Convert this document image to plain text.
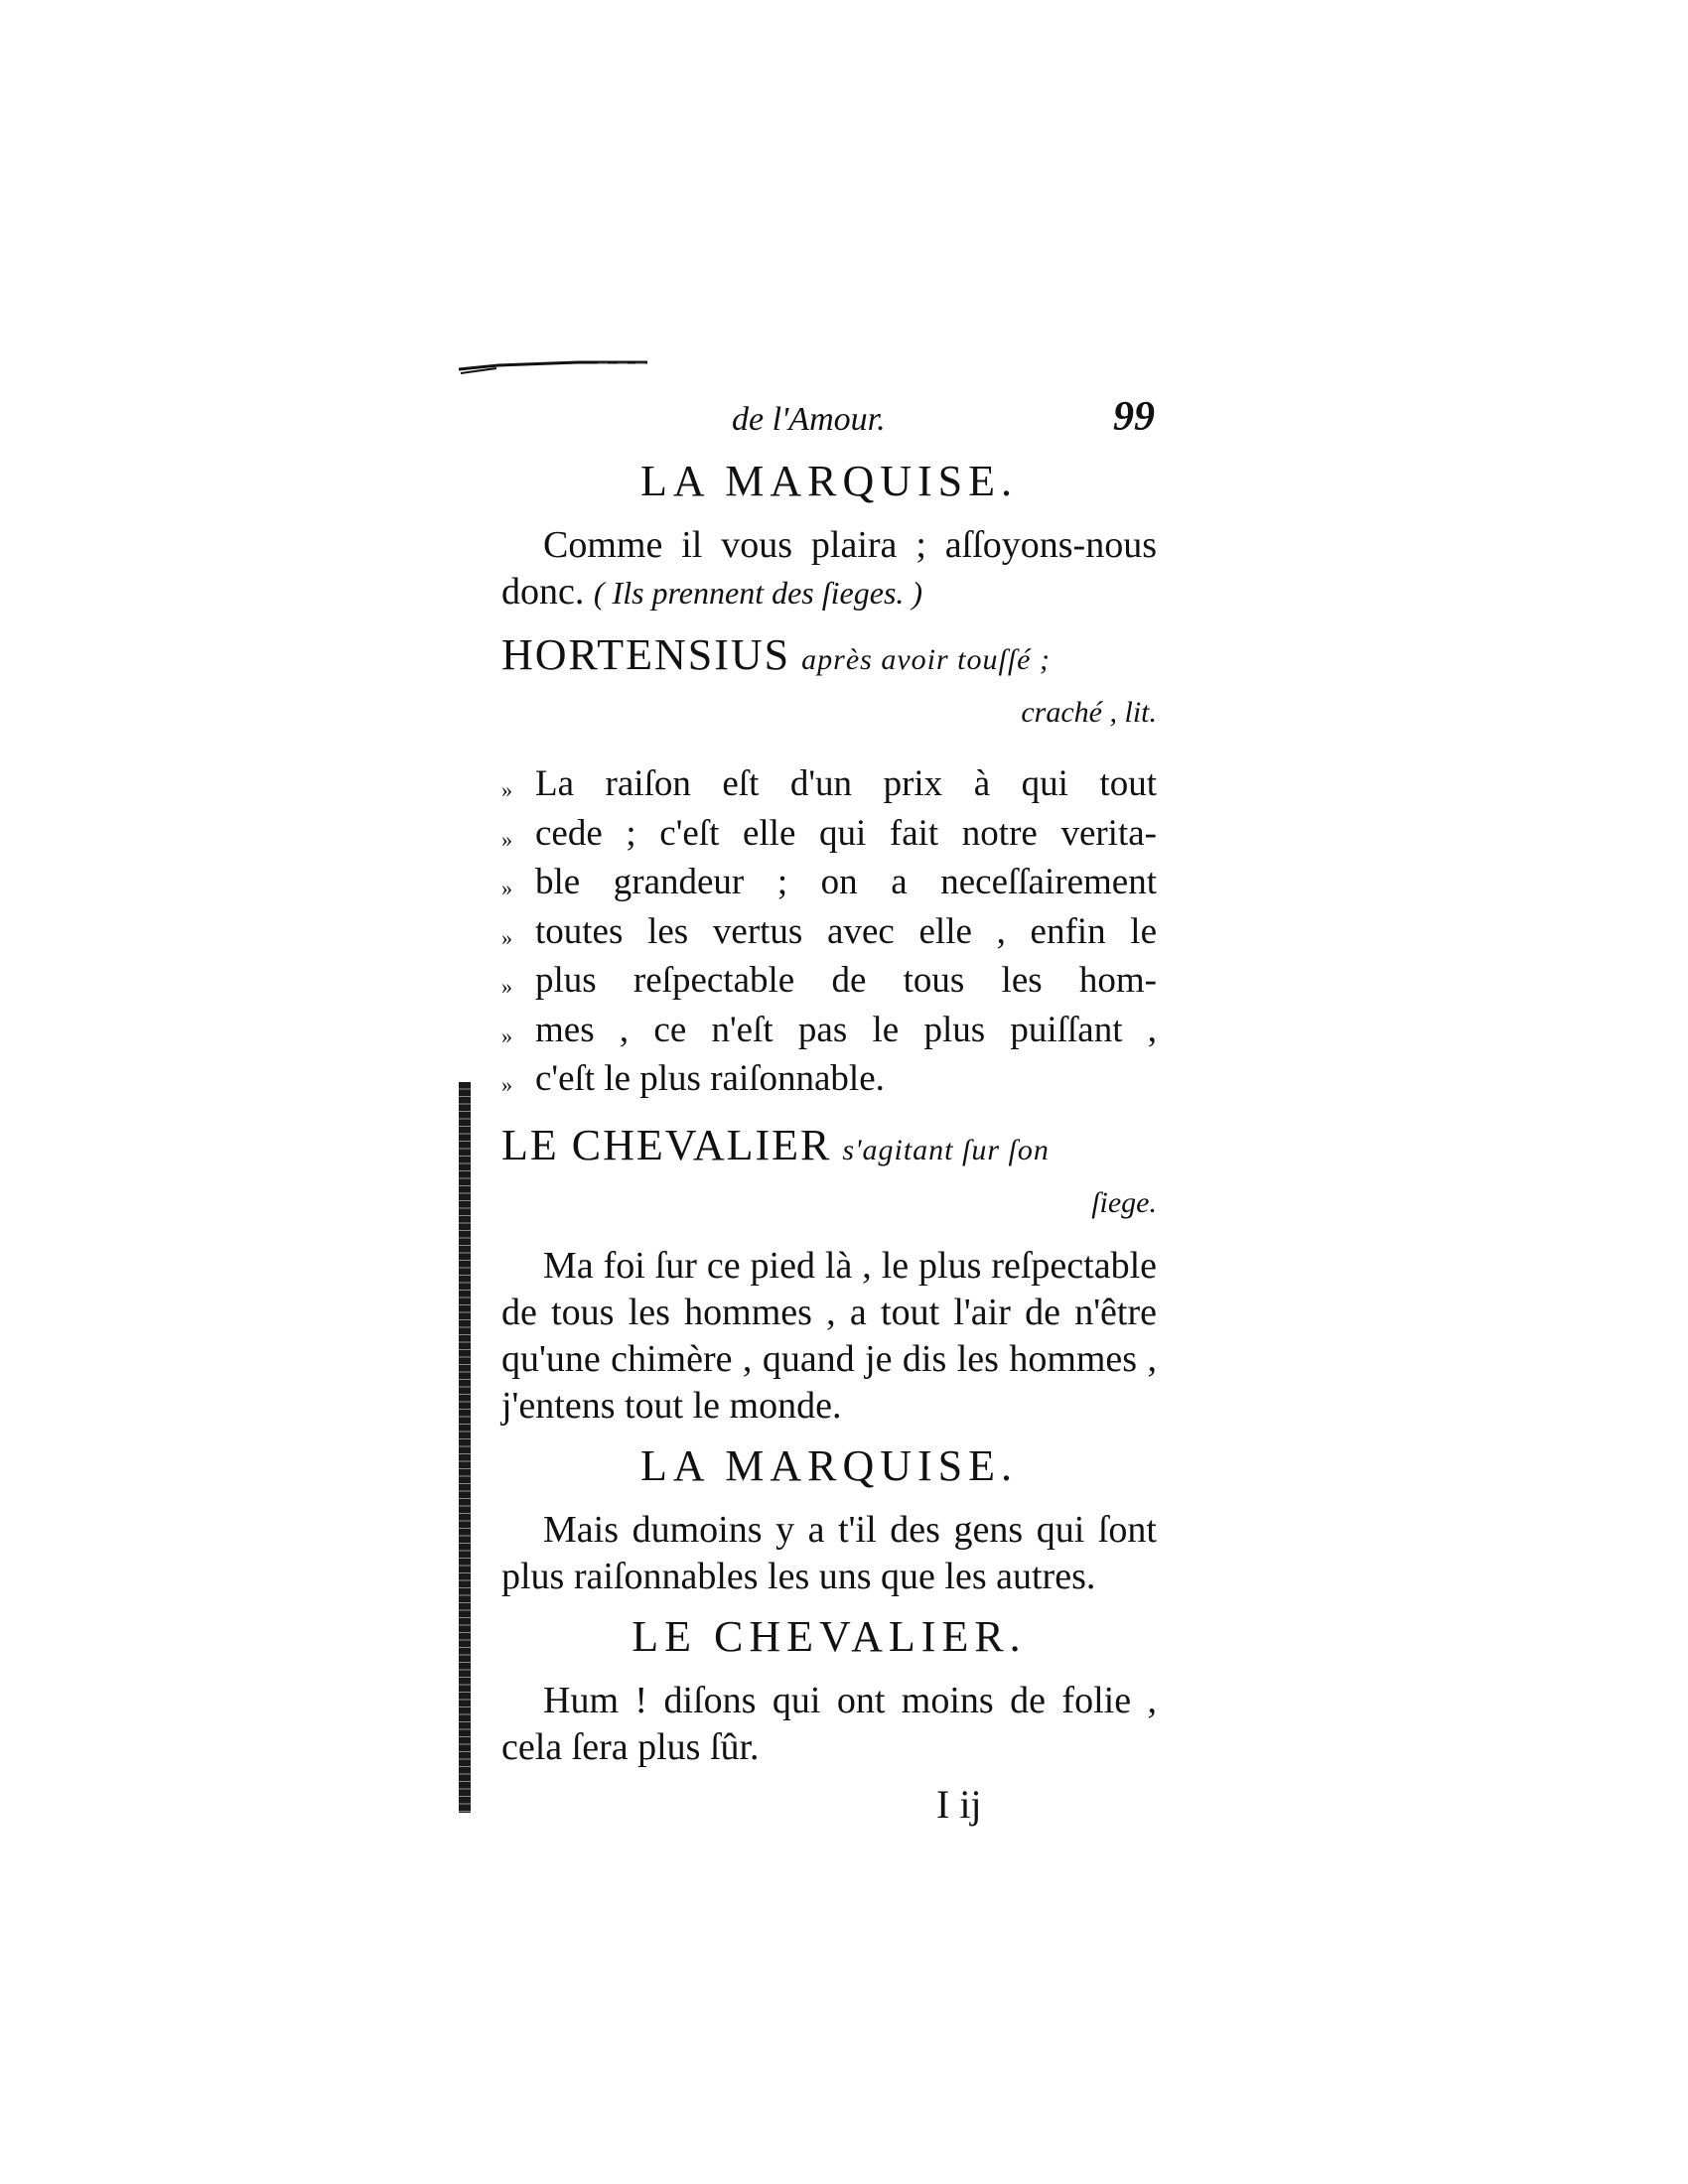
de l'Amour.	99
LA MARQUISE.

Comme il vous plaira ; aſſoyons-nous donc. ( Ils prennent des ſieges. )

HORTENSIUS après avoir touſſé ;
craché , lit.
» La raiſon eſt d'un prix à qui tout
» cede ; c'eſt elle qui fait notre verita-
» ble grandeur ; on a neceſſairement
» toutes les vertus avec elle , enfin le
» plus reſpectable de tous les hom-
» mes , ce n'eſt pas le plus puiſſant ,
» c'eſt le plus raiſonnable.
LE CHEVALIER s'agitant ſur ſon
ſiege.

Ma foi ſur ce pied là , le plus reſpectable de tous les hommes , a tout l'air de n'être qu'une chimère , quand je dis les hommes , j'entens tout le monde.

LA MARQUISE.

Mais dumoins y a t'il des gens qui ſont plus raiſonnables les uns que les autres.

LE CHEVALIER.

Hum ! diſons qui ont moins de folie , cela ſera plus ſûr.

I ij
